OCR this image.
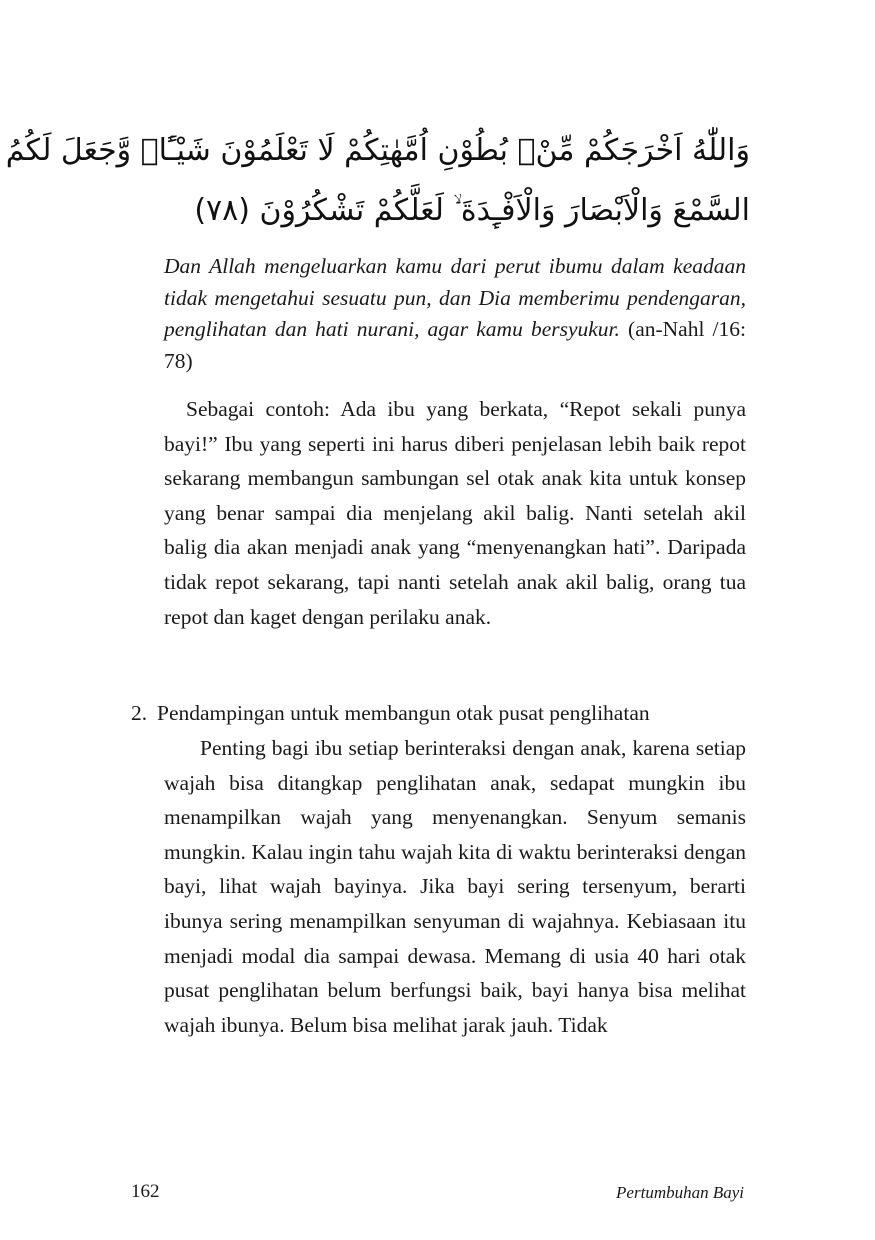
وَاللّٰهُ اَخْرَجَكُمْ مِّنْۢ بُطُوْنِ اُمَّهٰتِكُمْ لَا تَعْلَمُوْنَ شَيْـًٔاۙ وَّجَعَلَ لَكُمُ
السَّمْعَ وَالْاَبْصَارَ وَالْاَفْـِٕدَةَ ۙ لَعَلَّكُمْ تَشْكُرُوْنَ (٧٨)

Dan Allah mengeluarkan kamu dari perut ibumu dalam keadaan tidak mengetahui sesuatu pun, dan Dia memberimu pendengaran, penglihatan dan hati nurani, agar kamu bersyukur. (an-Nahl /16: 78)

Sebagai contoh: Ada ibu yang berkata, “Repot sekali punya bayi!” Ibu yang seperti ini harus diberi penjelasan lebih baik repot sekarang membangun sambungan sel otak anak kita untuk konsep yang benar sampai dia menjelang akil balig. Nanti setelah akil balig dia akan menjadi anak yang “menyenangkan hati”. Daripada tidak repot sekarang, tapi nanti setelah anak akil balig, orang tua repot dan kaget dengan perilaku anak.

2. Pendampingan untuk membangun otak pusat penglihatan

Penting bagi ibu setiap berinteraksi dengan anak, karena setiap wajah bisa ditangkap penglihatan anak, sedapat mungkin ibu menampilkan wajah yang menyenangkan. Senyum semanis mungkin. Kalau ingin tahu wajah kita di waktu berinteraksi dengan bayi, lihat wajah bayinya. Jika bayi sering tersenyum, berarti ibunya sering menampilkan senyuman di wajahnya. Kebiasaan itu menjadi modal dia sampai dewasa. Memang di usia 40 hari otak pusat penglihatan belum berfungsi baik, bayi hanya bisa melihat wajah ibunya. Belum bisa melihat jarak jauh. Tidak

162	Pertumbuhan Bayi
